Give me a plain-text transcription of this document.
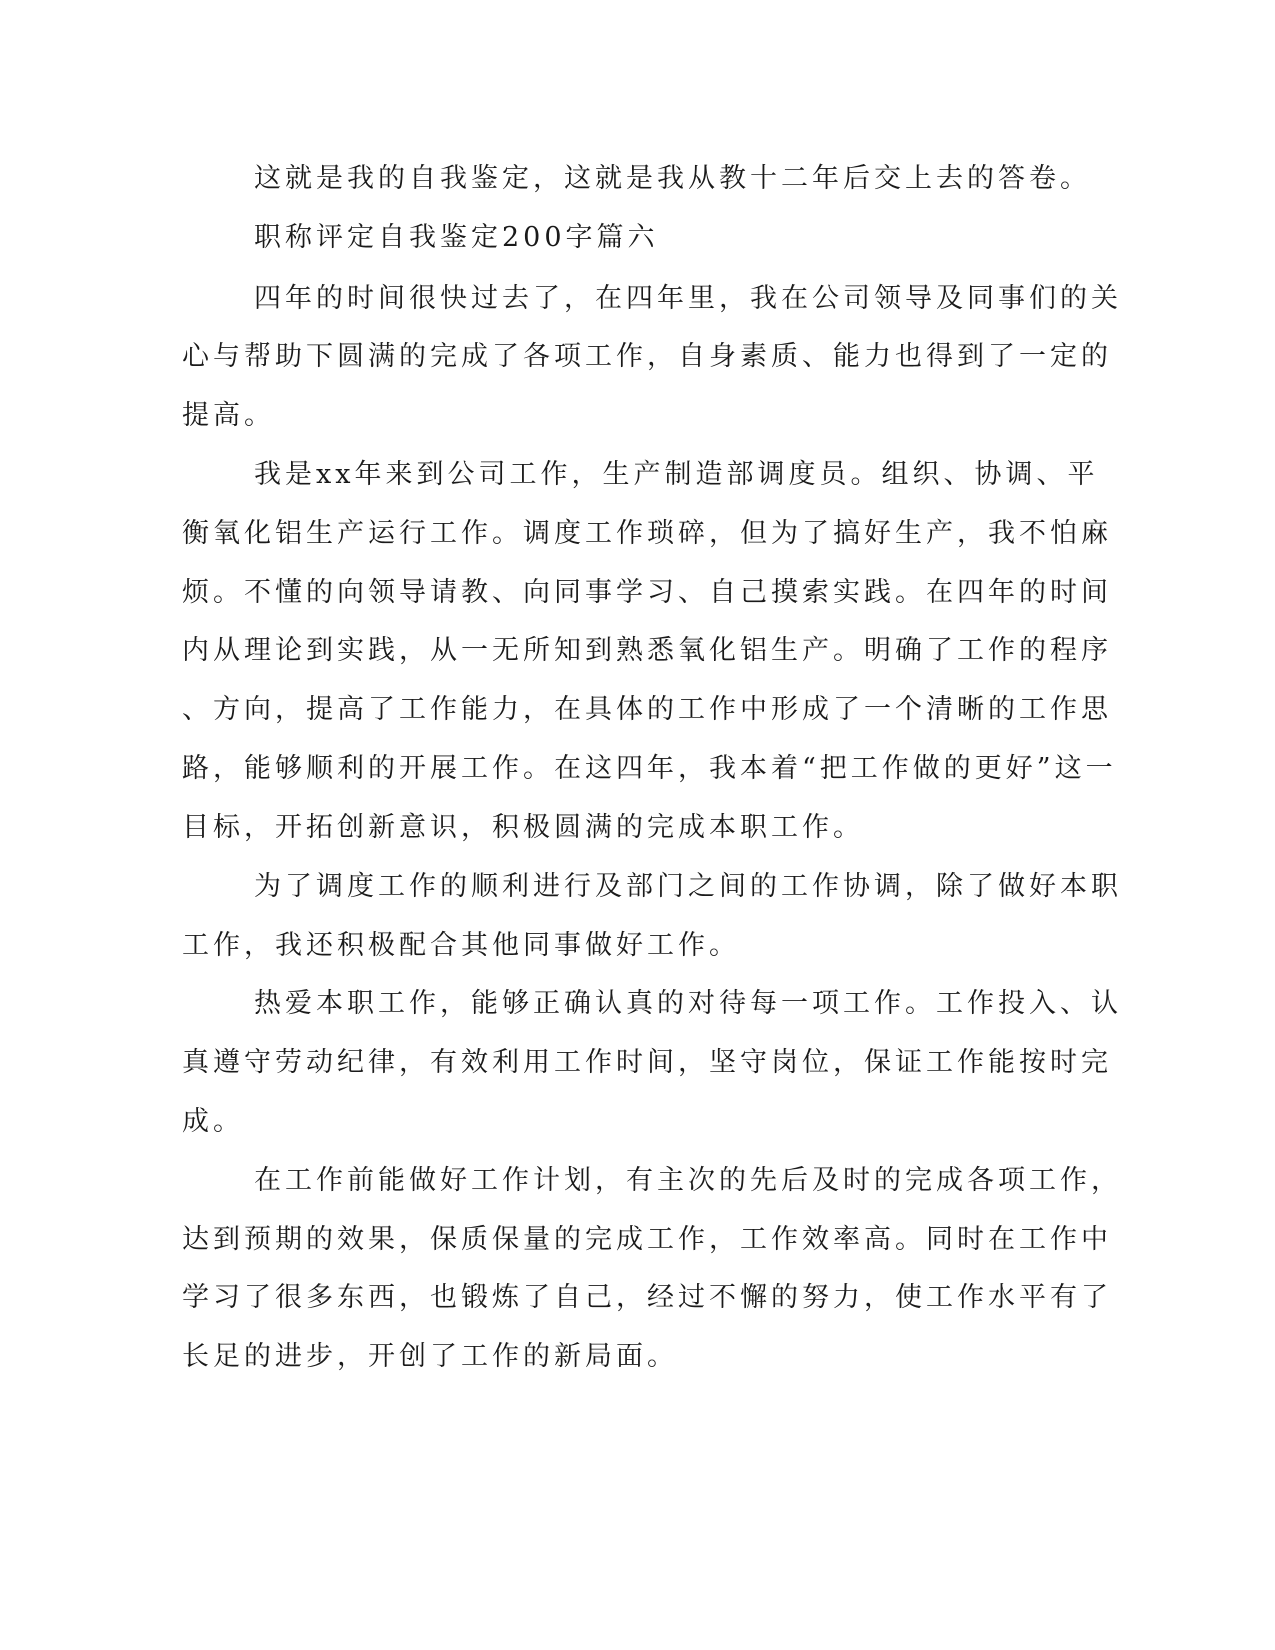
这就是我的自我鉴定，这就是我从教十二年后交上去的答卷。
职称评定自我鉴定200字篇六
四年的时间很快过去了，在四年里，我在公司领导及同事们的关
心与帮助下圆满的完成了各项工作，自身素质、能力也得到了一定的
提高。
我是xx年来到公司工作，生产制造部调度员。组织、协调、平
衡氧化铝生产运行工作。调度工作琐碎，但为了搞好生产，我不怕麻
烦。不懂的向领导请教、向同事学习、自己摸索实践。在四年的时间
内从理论到实践，从一无所知到熟悉氧化铝生产。明确了工作的程序
、方向，提高了工作能力，在具体的工作中形成了一个清晰的工作思
路，能够顺利的开展工作。在这四年，我本着“把工作做的更好”这一
目标，开拓创新意识，积极圆满的完成本职工作。
为了调度工作的顺利进行及部门之间的工作协调，除了做好本职
工作，我还积极配合其他同事做好工作。
热爱本职工作，能够正确认真的对待每一项工作。工作投入、认
真遵守劳动纪律，有效利用工作时间，坚守岗位，保证工作能按时完
成。
在工作前能做好工作计划，有主次的先后及时的完成各项工作，
达到预期的效果，保质保量的完成工作，工作效率高。同时在工作中
学习了很多东西，也锻炼了自己，经过不懈的努力，使工作水平有了
长足的进步，开创了工作的新局面。
